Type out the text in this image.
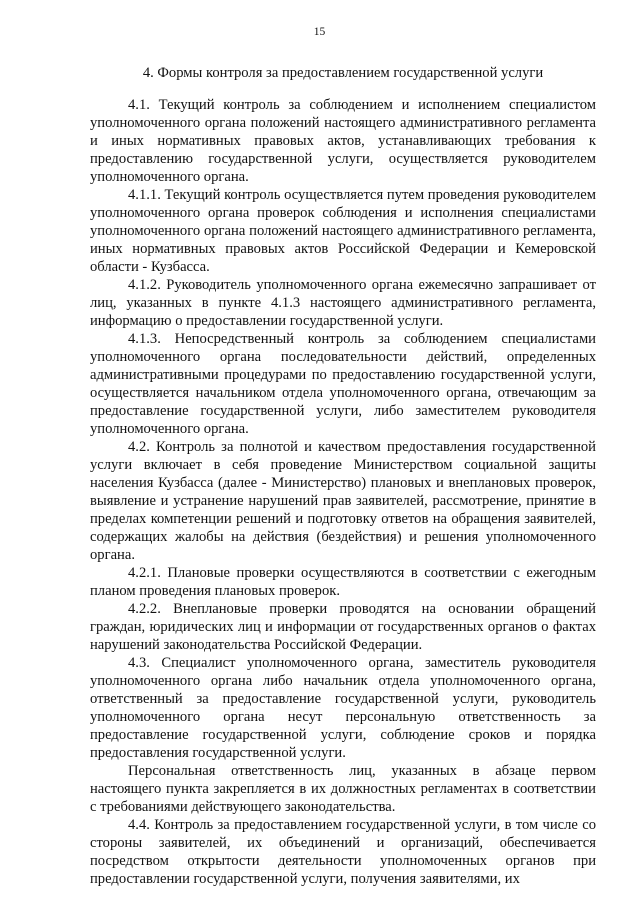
15
4. Формы контроля за предоставлением государственной услуги

4.1. Текущий контроль за соблюдением и исполнением специалистом уполномоченного органа положений настоящего административного регламента и иных нормативных правовых актов, устанавливающих требования к предоставлению государственной услуги, осуществляется руководителем уполномоченного органа.

4.1.1. Текущий контроль осуществляется путем проведения руководителем уполномоченного органа проверок соблюдения и исполнения специалистами уполномоченного органа положений настоящего административного регламента, иных нормативных правовых актов Российской Федерации и Кемеровской области - Кузбасса.

4.1.2. Руководитель уполномоченного органа ежемесячно запрашивает от лиц, указанных в пункте 4.1.3 настоящего административного регламента, информацию о предоставлении государственной услуги.

4.1.3. Непосредственный контроль за соблюдением специалистами уполномоченного органа последовательности действий, определенных административными процедурами по предоставлению государственной услуги, осуществляется начальником отдела уполномоченного органа, отвечающим за предоставление государственной услуги, либо заместителем руководителя уполномоченного органа.

4.2. Контроль за полнотой и качеством предоставления государственной услуги включает в себя проведение Министерством социальной защиты населения Кузбасса (далее - Министерство) плановых и внеплановых проверок, выявление и устранение нарушений прав заявителей, рассмотрение, принятие в пределах компетенции решений и подготовку ответов на обращения заявителей, содержащих жалобы на действия (бездействия) и решения уполномоченного органа.

4.2.1. Плановые проверки осуществляются в соответствии с ежегодным планом проведения плановых проверок.

4.2.2. Внеплановые проверки проводятся на основании обращений граждан, юридических лиц и информации от государственных органов о фактах нарушений законодательства Российской Федерации.

4.3. Специалист уполномоченного органа, заместитель руководителя уполномоченного органа либо начальник отдела уполномоченного органа, ответственный за предоставление государственной услуги, руководитель уполномоченного органа несут персональную ответственность за предоставление государственной услуги, соблюдение сроков и порядка предоставления государственной услуги.

Персональная ответственность лиц, указанных в абзаце первом настоящего пункта закрепляется в их должностных регламентах в соответствии с требованиями действующего законодательства.

4.4. Контроль за предоставлением государственной услуги, в том числе со стороны заявителей, их объединений и организаций, обеспечивается посредством открытости деятельности уполномоченных органов при предоставлении государственной услуги, получения заявителями, их
